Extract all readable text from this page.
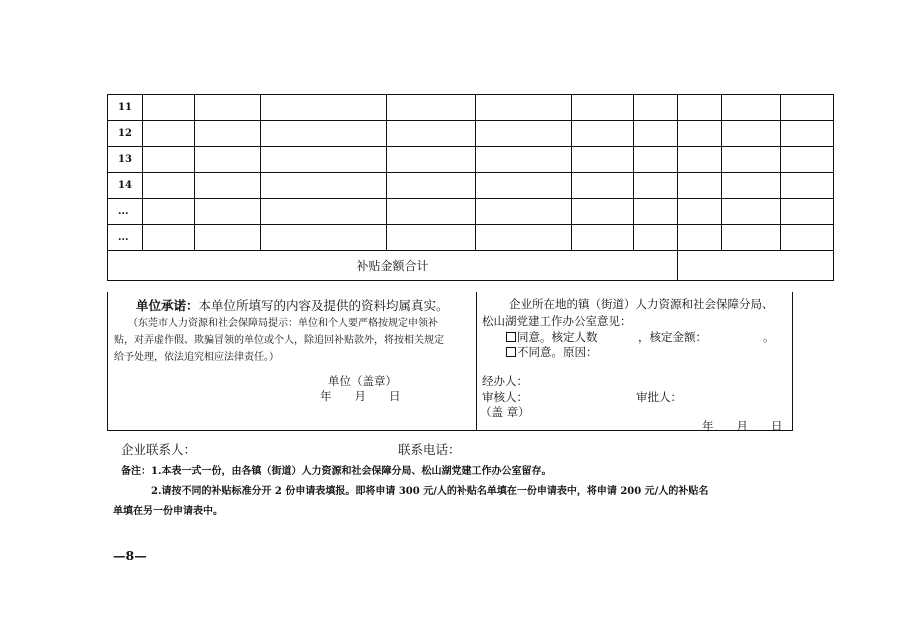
11										
12										
13										
14										
...										
...										
补贴金额合计										
单位承诺：本单位所填写的内容及提供的资料均属真实。
（东莞市人力资源和社会保障局提示：单位和个人要严格按规定申领补
贴，对弄虚作假、欺骗冒领的单位或个人，除追回补贴款外，将按相关规定
给予处理，依法追究相应法律责任。）
单位（盖章）
年　　月　　日
企业所在地的镇（街道）人力资源和社会保障分局、
松山湖党建工作办公室意见：
同意。核定人数	，核定金额：	。
不同意。原因：
经办人：
审核人：	审批人：
（盖 章）
年　　月　　日
企业联系人：	联系电话：
备注：1.本表一式一份，由各镇（街道）人力资源和社会保障分局、松山湖党建工作办公室留存。
2.请按不同的补贴标准分开 2 份申请表填报。即将申请 300 元/人的补贴名单填在一份申请表中，将申请 200 元/人的补贴名
单填在另一份申请表中。
—8—
